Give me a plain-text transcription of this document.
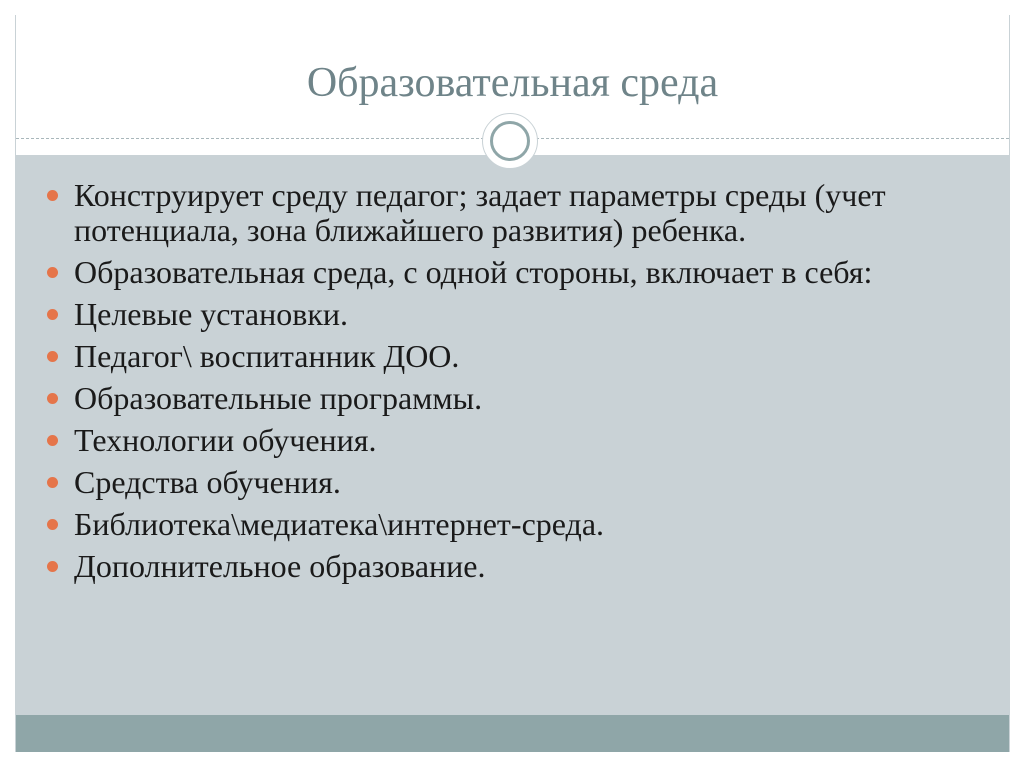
Образовательная среда
Конструирует среду педагог; задает параметры среды (учет потенциала, зона ближайшего развития) ребенка.
Образовательная среда, с одной стороны, включает в себя:
Целевые установки.
Педагог\ воспитанник ДОО.
Образовательные программы.
Технологии обучения.
Средства обучения.
Библиотека\медиатека\интернет-среда.
Дополнительное образование.
